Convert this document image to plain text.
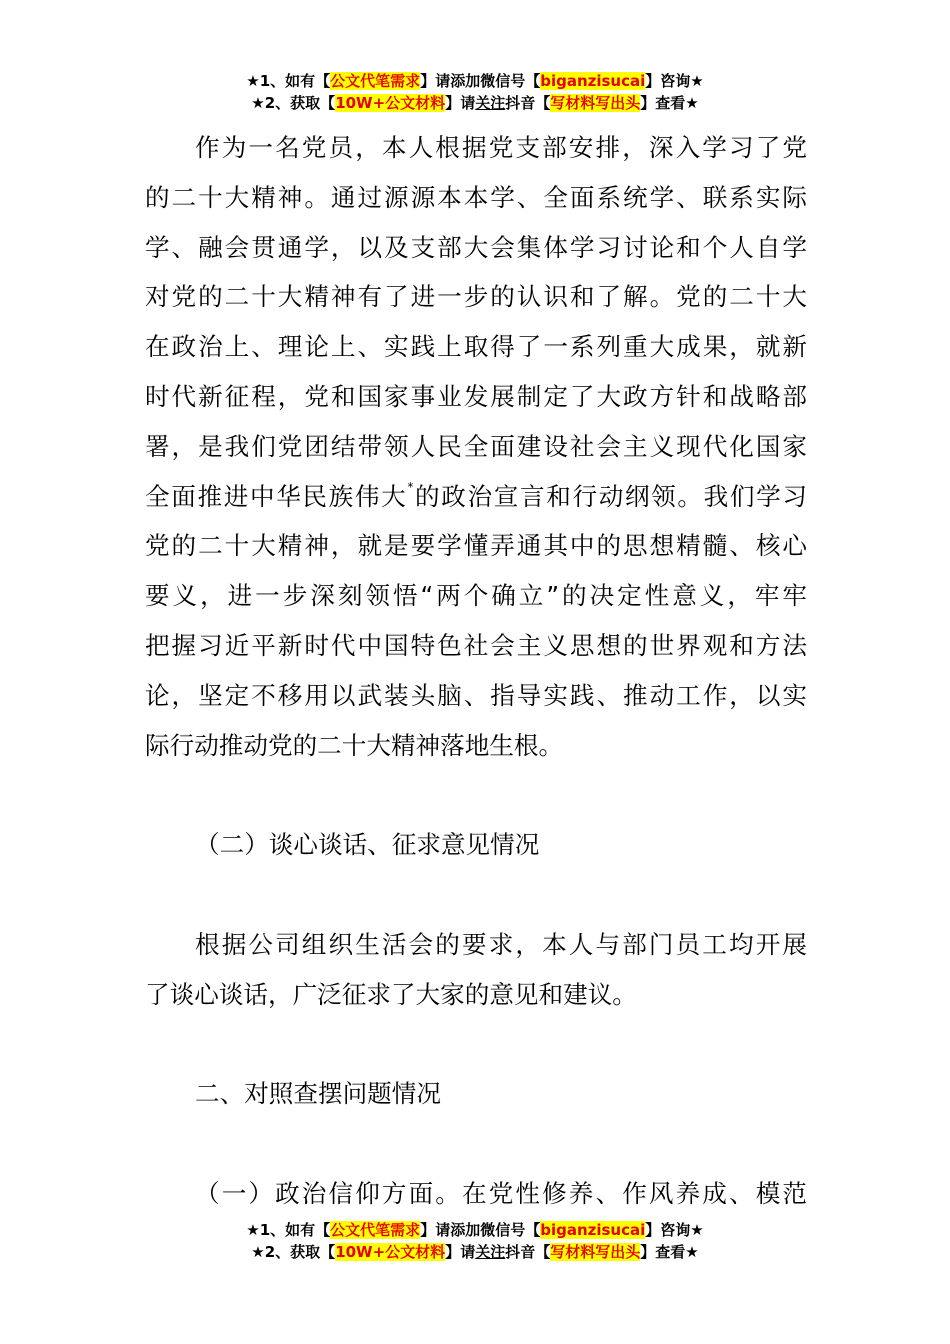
★1、如有【公文代笔需求】请添加微信号【biganzisucai】咨询★
★2、获取【10W+公文材料】请关注抖音【写材料写出头】查看★
作为一名党员，本人根据党支部安排，深入学习了党
的二十大精神。通过源源本本学、全面系统学、联系实际
学、融会贯通学，以及支部大会集体学习讨论和个人自学
对党的二十大精神有了进一步的认识和了解。党的二十大
在政治上、理论上、实践上取得了一系列重大成果，就新
时代新征程，党和国家事业发展制定了大政方针和战略部
署，是我们党团结带领人民全面建设社会主义现代化国家
全面推进中华民族伟大*的政治宣言和行动纲领。我们学习
党的二十大精神，就是要学懂弄通其中的思想精髓、核心
要义，进一步深刻领悟“两个确立”的决定性意义，牢牢
把握习近平新时代中国特色社会主义思想的世界观和方法
论，坚定不移用以武装头脑、指导实践、推动工作，以实
际行动推动党的二十大精神落地生根。
（二）谈心谈话、征求意见情况
根据公司组织生活会的要求，本人与部门员工均开展
了谈心谈话，广泛征求了大家的意见和建议。
二、对照查摆问题情况
（一）政治信仰方面。在党性修养、作风养成、模范
★1、如有【公文代笔需求】请添加微信号【biganzisucai】咨询★
★2、获取【10W+公文材料】请关注抖音【写材料写出头】查看★
